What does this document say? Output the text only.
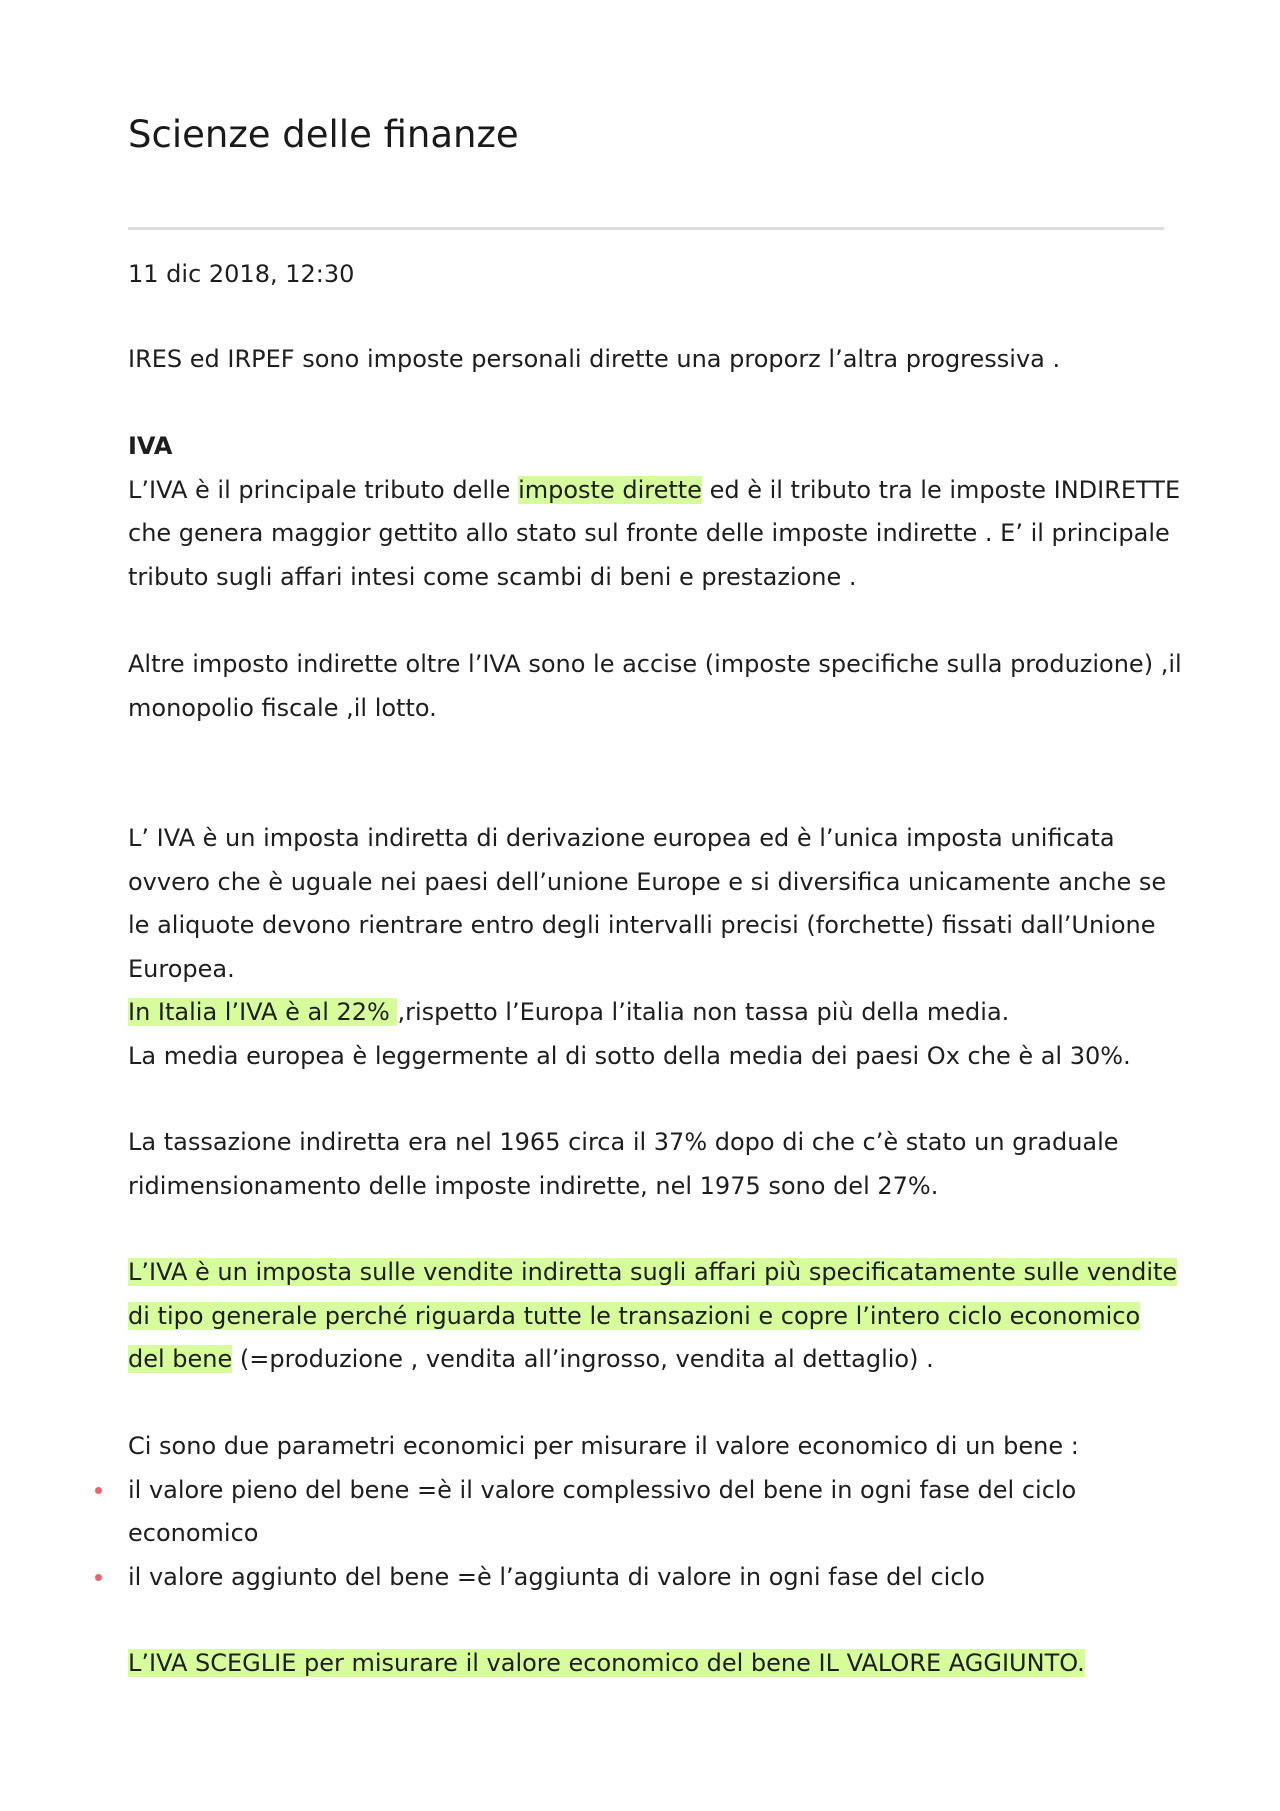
Scienze delle finanze
11 dic 2018, 12:30
IRES ed IRPEF sono imposte personali dirette una proporz l’altra progressiva .
IVA
L’IVA è il principale tributo delle imposte dirette ed è il tributo tra le imposte INDIRETTE
che genera maggior gettito allo stato sul fronte delle imposte indirette . E’ il principale
tributo sugli affari intesi come scambi di beni e prestazione .
Altre imposto indirette oltre l’IVA sono le accise (imposte specifiche sulla produzione) ,il
monopolio fiscale ,il lotto.
L’ IVA è un imposta indiretta di derivazione europea ed è l’unica imposta unificata
ovvero che è uguale nei paesi dell’unione Europe e si diversifica unicamente anche se
le aliquote devono rientrare entro degli intervalli precisi (forchette) fissati dall’Unione
Europea.
In Italia l’IVA è al 22% ,rispetto l’Europa l’italia non tassa più della media.
La media europea è leggermente al di sotto della media dei paesi Ox che è al 30%.
La tassazione indiretta era nel 1965 circa il 37% dopo di che c’è stato un graduale
ridimensionamento delle imposte indirette, nel 1975 sono del 27%.
L’IVA è un imposta sulle vendite indiretta sugli affari più specificatamente sulle vendite
di tipo generale perché riguarda tutte le transazioni e copre l’intero ciclo economico
del bene (=produzione , vendita all’ingrosso, vendita al dettaglio) .
Ci sono due parametri economici per misurare il valore economico di un bene :
il valore pieno del bene =è il valore complessivo del bene in ogni fase del ciclo
economico
il valore aggiunto del bene =è l’aggiunta di valore in ogni fase del ciclo
L’IVA SCEGLIE per misurare il valore economico del bene IL VALORE AGGIUNTO.
